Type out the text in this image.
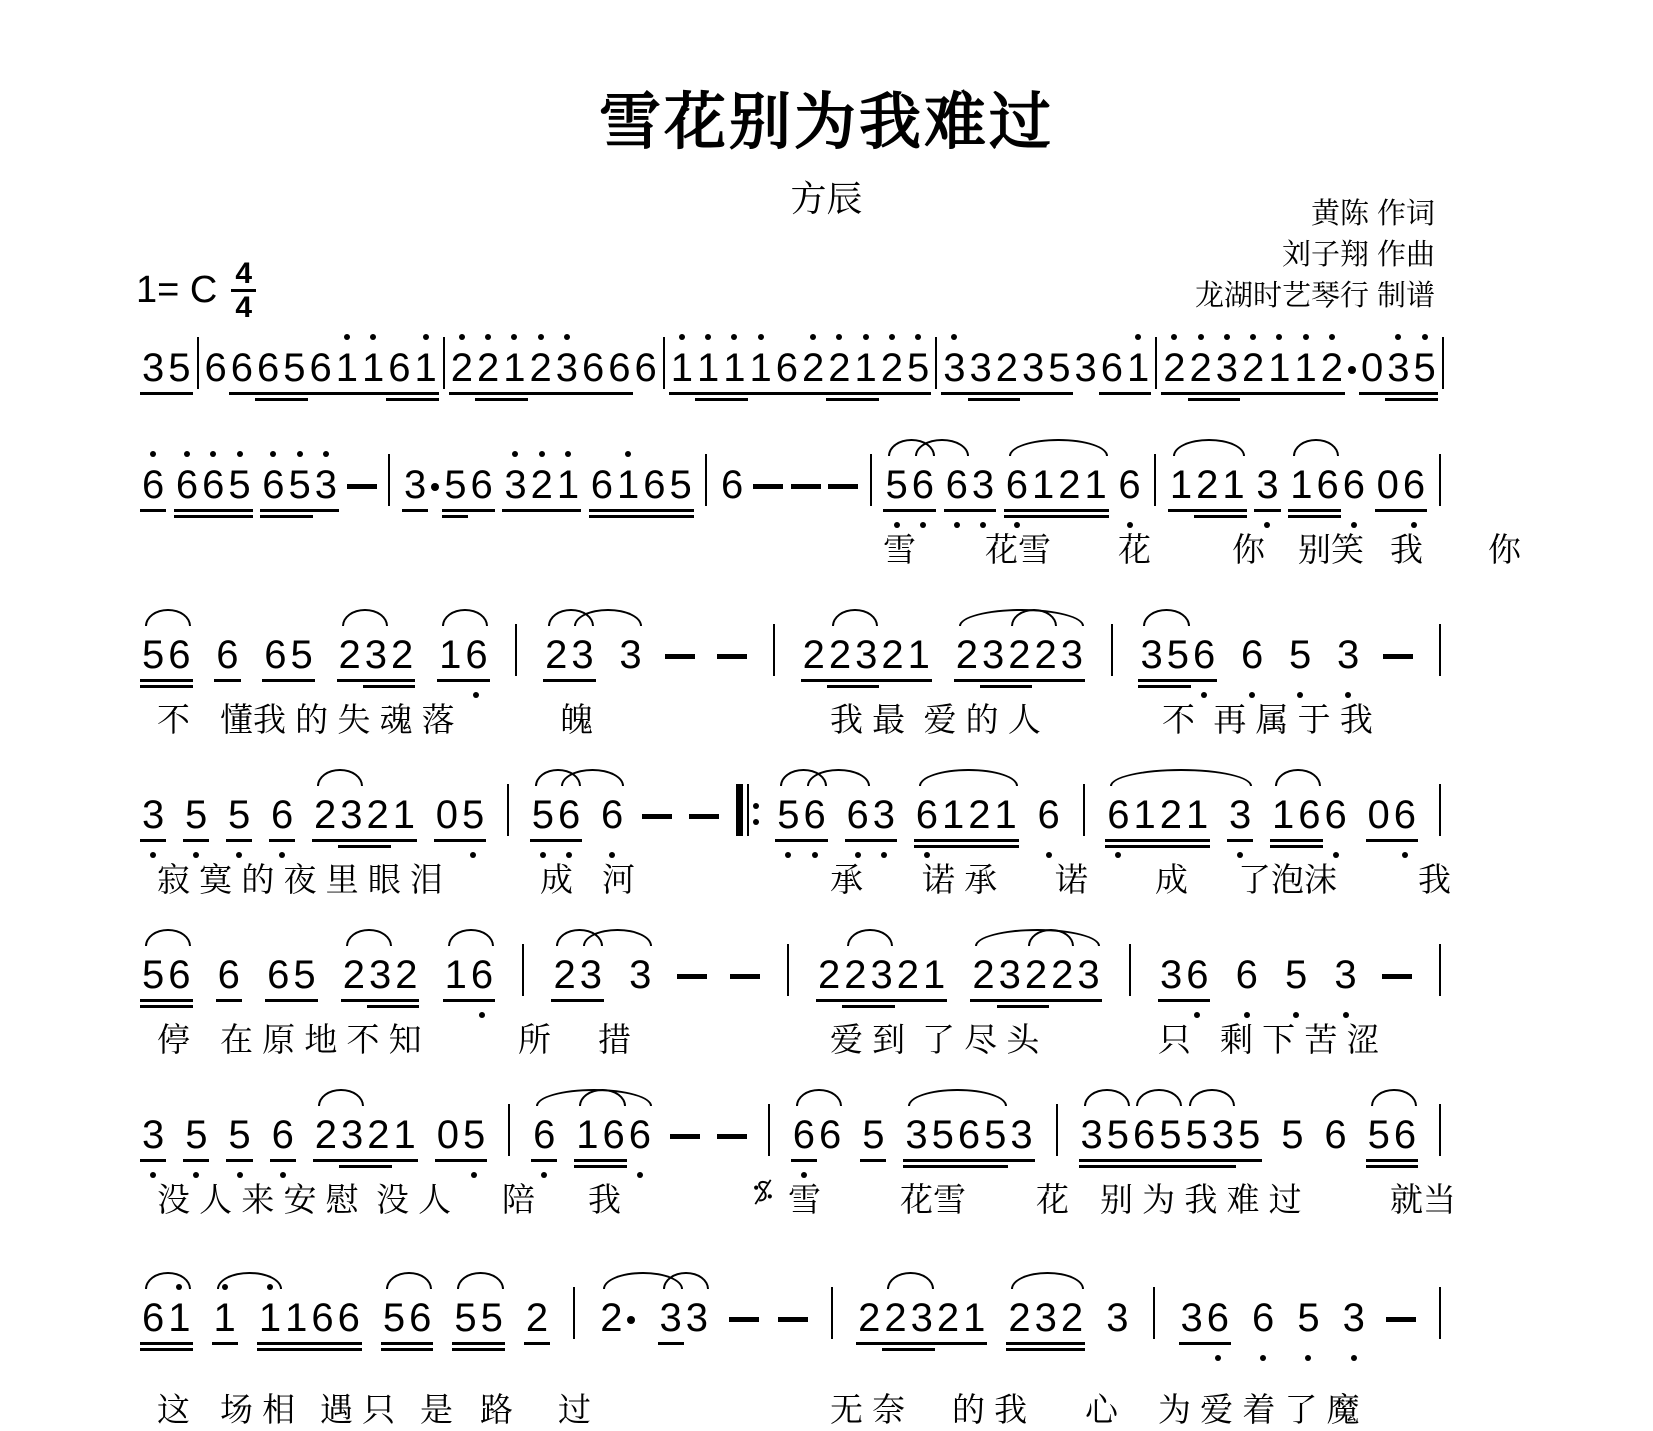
雪花别为我难过
方辰	黄陈 作词
刘子翔 作曲
龙湖时艺琴行 制谱
1= C $\frac{4}{4}$
3 5 6 6 6 5 6 1 1 6 1 2 2 1 2 3 6 6 6 1 1 1 1 6 2 2 1 2 5 3 3 2 3 5 3 6 1 2 2 3 2 1 1 2 0 3 5
6 6 6 5 6 5 3 3 5 6 3 2 1 6 1 6 5 6	5 6 6 3 6 1 2 1 6 1 2 1 3 1 6 6 0 6
雪 花雪 花 你 别笑 我 你
5 6 6 6 5 2 3 2 1 6 2 3 3	2 2 3 2 1 2 3 2 2 3 3 5 6 6 5 3
不 懂我 的 失 魂 落	魄	我 最  爱 的 人	不  再 属 于 我
3 5 5 6 2 3 2 1 0 5 5 6 6	5 6 6 3 6 1 2 1 6 6 1 2 1 3 1 6 6 0 6
寂 寞 的 夜 里 眼 泪	成 河	承 诺 承 诺 成 了泡沫 我
5 6 6 6 5 2 3 2 1 6 2 3 3	2 2 3 2 1 2 3 2 2 3 3 6 6 5 3
停 在 原 地 不 知	所 措	爱 到 了 尽 头	只 剩 下 苦 涩
3 5 5 6 2 3 2 1 0 5 6 1 6 6	6 6 5 3 5 6 5 3 3 5 6 5 5 3 5 5 6 5 6
没 人 来 安 慰 没 人 陪 我	雪 花雪 花 别 为 我 难 过	就当
6 1 1 1 1 6 6 5 6 5 5 2 2 3 3	2 2 3 2 1 2 3 2 3 3 6 6 5 3
这 场 相 遇 只 是 路 过	无 奈 的 我 心 为 爱 着 了 魔
